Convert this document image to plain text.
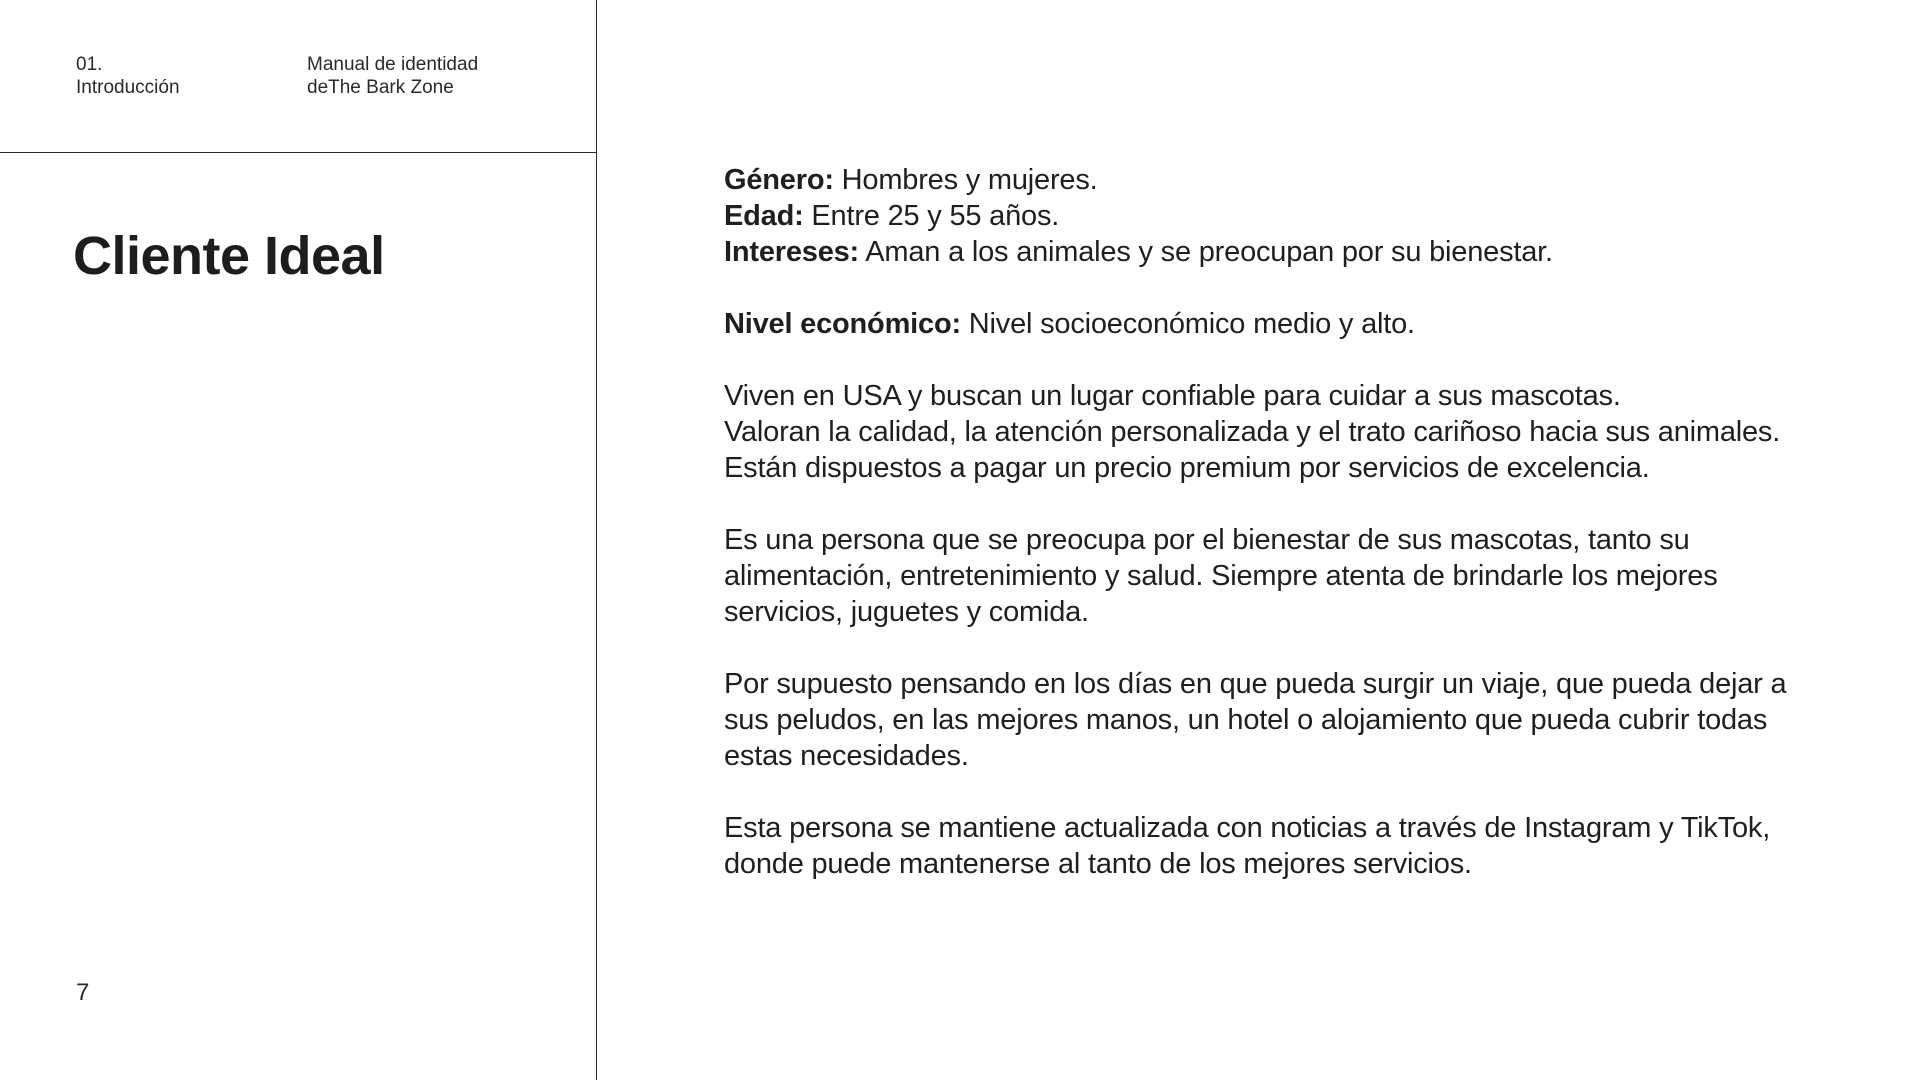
01.
Introducción
Manual de identidad
deThe Bark Zone
Cliente Ideal
7
Género: Hombres y mujeres.
Edad: Entre 25 y 55 años.
Intereses: Aman a los animales y se preocupan por su bienestar.
Nivel económico: Nivel socioeconómico medio y alto.
Viven en USA y buscan un lugar confiable para cuidar a sus mascotas.
Valoran la calidad, la atención personalizada y el trato cariñoso hacia sus animales.
Están dispuestos a pagar un precio premium por servicios de excelencia.
Es una persona que se preocupa por el bienestar de sus mascotas, tanto su
alimentación, entretenimiento y salud. Siempre atenta de brindarle los mejores
servicios, juguetes y comida.
Por supuesto pensando en los días en que pueda surgir un viaje, que pueda dejar a
sus peludos, en las mejores manos, un hotel o alojamiento que pueda cubrir todas
estas necesidades.
Esta persona se mantiene actualizada con noticias a través de Instagram y TikTok,
donde puede mantenerse al tanto de los mejores servicios.
